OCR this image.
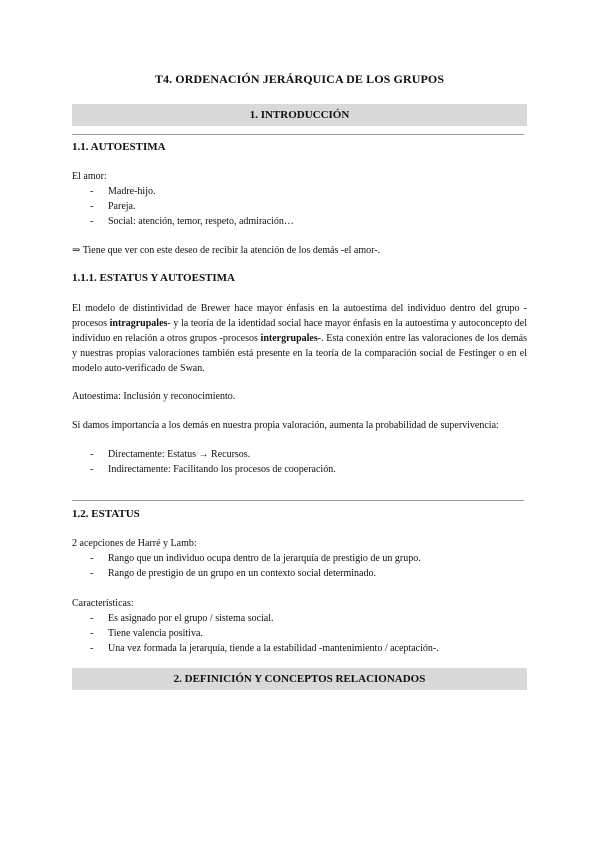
T4. ORDENACIÓN JERÁRQUICA DE LOS GRUPOS
1. INTRODUCCIÓN
1.1. AUTOESTIMA

El amor:

- Madre-hijo.
- Pareja.
- Social: atención, temor, respeto, admiración…

⇒ Tiene que ver con este deseo de recibir la atención de los demás -el amor-.

1.1.1. ESTATUS Y AUTOESTIMA

El modelo de distintividad de Brewer hace mayor énfasis en la autoestima del individuo dentro del grupo -procesos intragrupales- y la teoría de la identidad social hace mayor énfasis en la autoestima y autoconcepto del individuo en relación a otros grupos -procesos intergrupales-. Esta conexión entre las valoraciones de los demás y nuestras propias valoraciones también está presente en la teoría de la comparación social de Festinger o en el modelo auto-verificado de Swan.

Autoestima: Inclusión y reconocimiento.

Si damos importancia a los demás en nuestra propia valoración, aumenta la probabilidad de supervivencia:

- Directamente: Estatus → Recursos.
- Indirectamente: Facilitando los procesos de cooperación.
1.2. ESTATUS

2 acepciones de Harré y Lamb:

- Rango que un individuo ocupa dentro de la jerarquía de prestigio de un grupo.
- Rango de prestigio de un grupo en un contexto social determinado.

Características:

- Es asignado por el grupo / sistema social.
- Tiene valencia positiva.
- Una vez formada la jerarquía, tiende a la estabilidad -mantenimiento / aceptación-.
2. DEFINICIÓN Y CONCEPTOS RELACIONADOS
